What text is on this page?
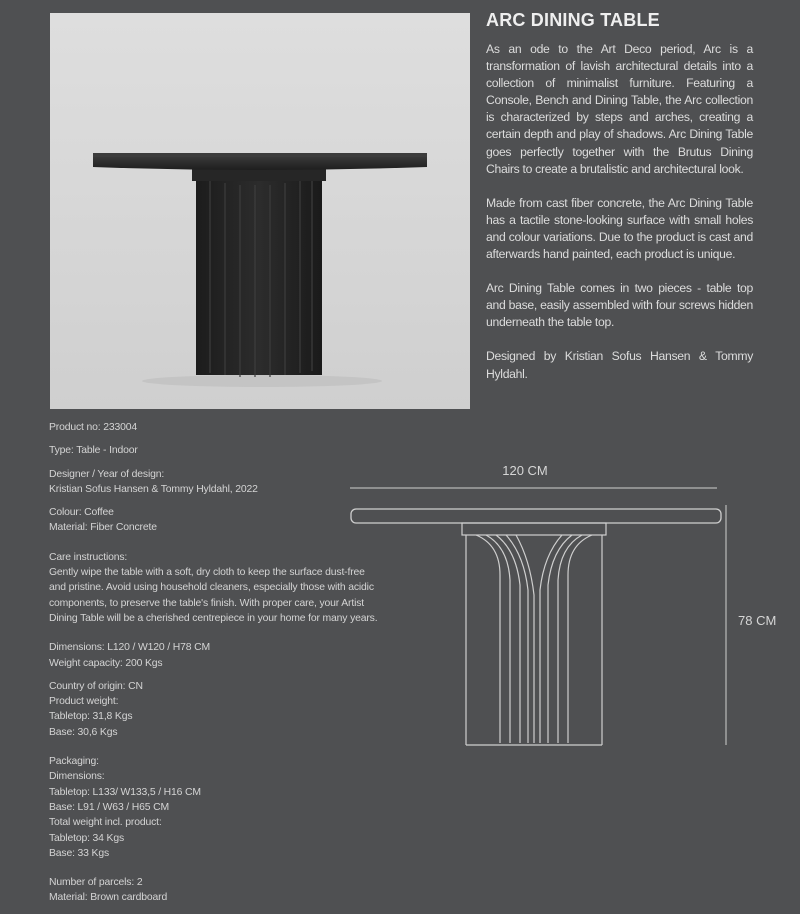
ARC DINING TABLE

As an ode to the Art Deco period, Arc is a transformation of lavish architectural details into a collection of minimalist furniture. Featuring a Console, Bench and Dining Table, the Arc collection is characterized by steps and arches, creating a certain depth and play of shadows. Arc Dining Table goes perfectly together with the Brutus Dining Chairs to create a brutalistic and architectural look.

Made from cast fiber concrete, the Arc Dining Table has a tactile stone-looking surface with small holes and colour variations. Due to the product is cast and afterwards hand painted, each product is unique.

Arc Dining Table comes in two pieces - table top and base, easily assembled with four screws hidden underneath the table top.

Designed by Kristian Sofus Hansen & Tommy Hyldahl.

Product no: 233004
Type: Table - Indoor
Designer / Year of design:
Kristian Sofus Hansen & Tommy Hyldahl, 2022
Colour: Coffee
Material: Fiber Concrete
Care instructions:
Gently wipe the table with a soft, dry cloth to keep the surface dust-free and pristine. Avoid using household cleaners, especially those with acidic components, to preserve the table's finish. With proper care, your Artist Dining Table will be a cherished centrepiece in your home for many years.
Dimensions: L120 / W120 / H78 CM
Weight capacity: 200 Kgs
Country of origin: CN
Product weight:
Tabletop: 31,8 Kgs
Base: 30,6 Kgs
Packaging:
Dimensions:
Tabletop: L133/ W133,5 / H16 CM
Base: L91 / W63 / H65 CM
Total weight incl. product:
Tabletop: 34 Kgs
Base: 33 Kgs
Number of parcels: 2
Material: Brown cardboard
120 CM
78 CM
